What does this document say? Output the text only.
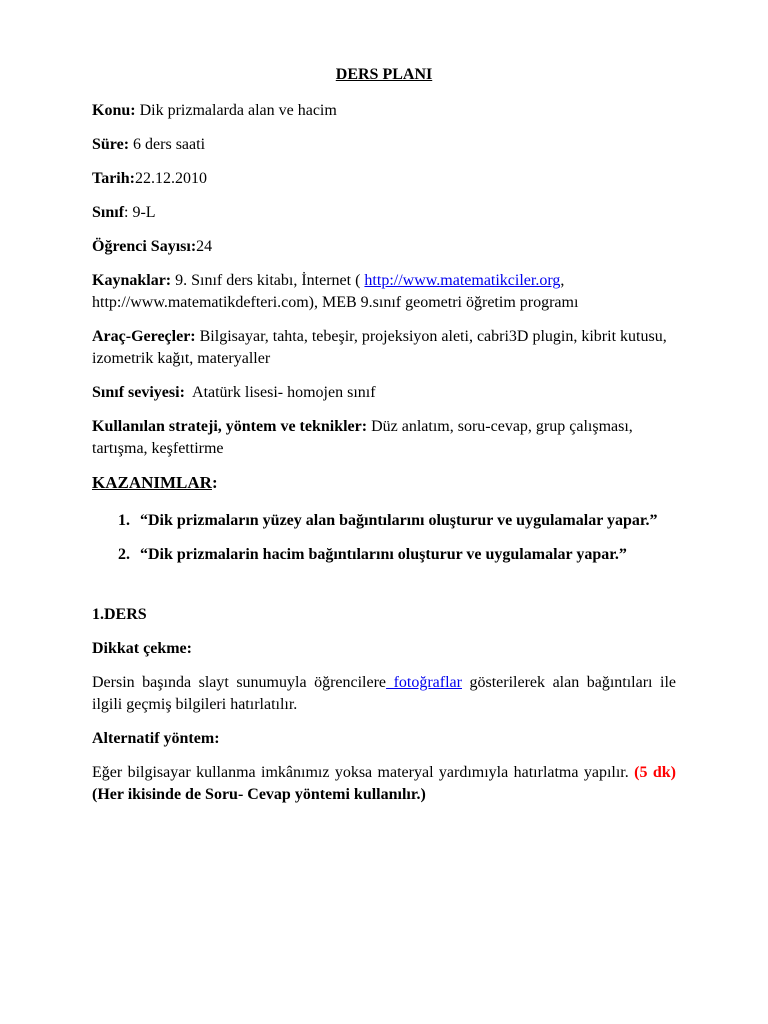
DERS PLANI

Konu: Dik prizmalarda alan ve hacim

Süre: 6 ders saati

Tarih:22.12.2010

Sınıf: 9-L

Öğrenci Sayısı:24

Kaynaklar: 9. Sınıf ders kitabı, İnternet ( http://www.matematikciler.org, http://www.matematikdefteri.com), MEB 9.sınıf geometri öğretim programı

Araç-Gereçler: Bilgisayar, tahta, tebeşir, projeksiyon aleti, cabri3D plugin, kibrit kutusu, izometrik kağıt, materyaller

Sınıf seviyesi:  Atatürk lisesi- homojen sınıf

Kullanılan strateji, yöntem ve teknikler: Düz anlatım, soru-cevap, grup çalışması, tartışma, keşfettirme

KAZANIMLAR:

1. “Dik prizmaların yüzey alan bağıntılarını oluşturur ve uygulamalar yapar.”
2. “Dik prizmalarin hacim bağıntılarını oluşturur ve uygulamalar yapar.”

1.DERS

Dikkat çekme:

Dersin başında slayt sunumuyla öğrencilere fotoğraflar gösterilerek alan bağıntıları ile ilgili geçmiş bilgileri hatırlatılır.

Alternatif yöntem:

Eğer bilgisayar kullanma imkânımız yoksa materyal yardımıyla hatırlatma yapılır. (5 dk) (Her ikisinde de Soru- Cevap yöntemi kullanılır.)
